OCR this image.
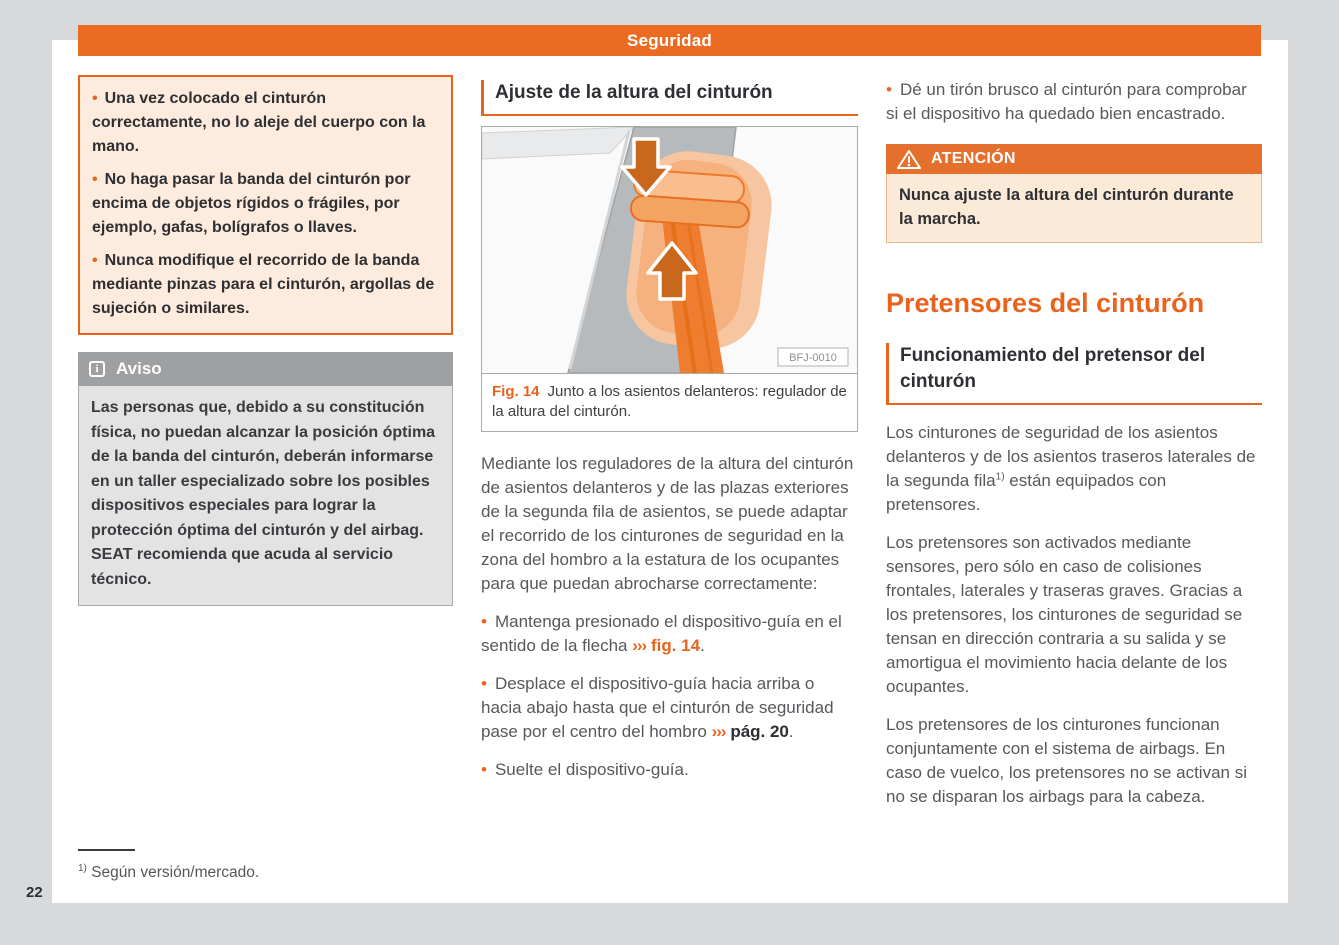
Seguridad
• Una vez colocado el cinturón correctamente, no lo aleje del cuerpo con la mano.
• No haga pasar la banda del cinturón por encima de objetos rígidos o frágiles, por ejemplo, gafas, bolígrafos o llaves.
• Nunca modifique el recorrido de la banda mediante pinzas para el cinturón, argollas de sujeción o similares.
i	Aviso
Las personas que, debido a su constitución física, no puedan alcanzar la posición óptima de la banda del cinturón, deberán informarse en un taller especializado sobre los posibles dispositivos especiales para lograr la protección óptima del cinturón y del airbag. SEAT recomienda que acuda al servicio técnico.
Ajuste de la altura del cinturón
BFJ-0010
Fig. 14 Junto a los asientos delanteros: regulador de la altura del cinturón.

Mediante los reguladores de la altura del cinturón de asientos delanteros y de las plazas exteriores de la segunda fila de asientos, se puede adaptar el recorrido de los cinturones de seguridad en la zona del hombro a la estatura de los ocupantes para que puedan abrocharse correctamente:

• Mantenga presionado el dispositivo-guía en el sentido de la flecha ››› fig. 14.
• Desplace el dispositivo-guía hacia arriba o hacia abajo hasta que el cinturón de seguridad pase por el centro del hombro ››› pág. 20.
• Suelte el dispositivo-guía.
• Dé un tirón brusco al cinturón para comprobar si el dispositivo ha quedado bien encastrado.
ATENCIÓN
Nunca ajuste la altura del cinturón durante la marcha.
Pretensores del cinturón
Funcionamiento del pretensor del cinturón

Los cinturones de seguridad de los asientos delanteros y de los asientos traseros laterales de la segunda fila$^{1)}$ están equipados con pretensores.

Los pretensores son activados mediante sensores, pero sólo en caso de colisiones frontales, laterales y traseras graves. Gracias a los pretensores, los cinturones de seguridad se tensan en dirección contraria a su salida y se amortigua el movimiento hacia delante de los ocupantes.

Los pretensores de los cinturones funcionan conjuntamente con el sistema de airbags. En caso de vuelco, los pretensores no se activan si no se disparan los airbags para la cabeza.

$^{1)}$ Según versión/mercado.
22
